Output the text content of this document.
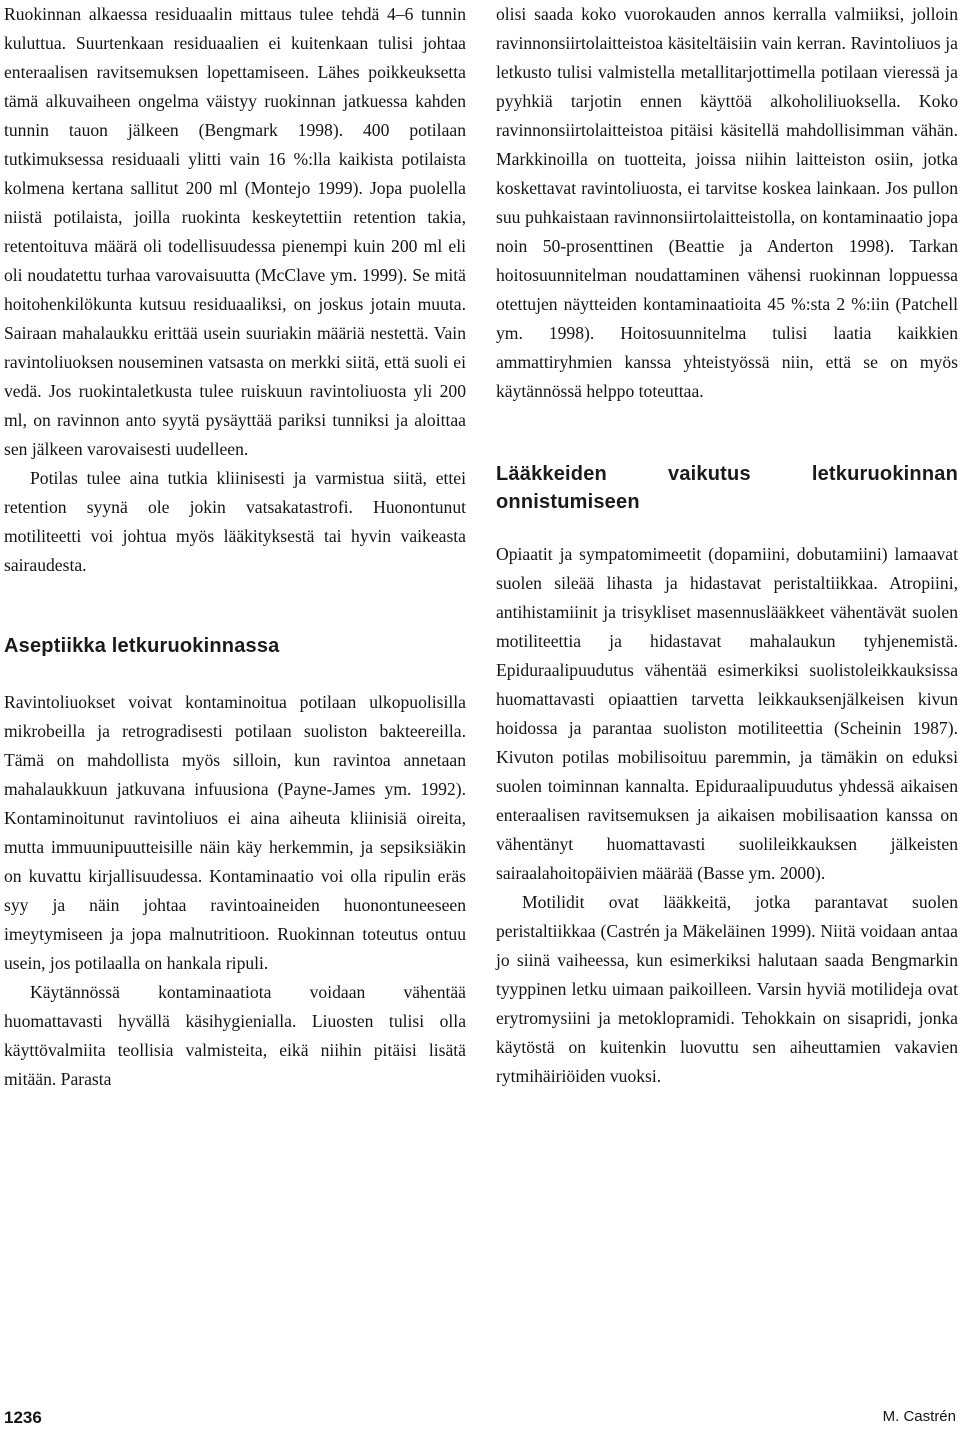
Ruokinnan alkaessa residuaalin mittaus tulee tehdä 4–6 tunnin kuluttua. Suurtenkaan residuaalien ei kuitenkaan tulisi johtaa enteraalisen ravitsemuksen lopettamiseen. Lähes poikkeuksetta tämä alkuvaiheen ongelma väistyy ruokinnan jatkuessa kahden tunnin tauon jälkeen (Bengmark 1998). 400 potilaan tutkimuksessa residuaali ylitti vain 16 %:lla kaikista potilaista kolmena kertana sallitut 200 ml (Montejo 1999). Jopa puolella niistä potilaista, joilla ruokinta keskeytettiin retention takia, retentoituva määrä oli todellisuudessa pienempi kuin 200 ml eli oli noudatettu turhaa varovaisuutta (McClave ym. 1999). Se mitä hoitohenkilökunta kutsuu residuaaliksi, on joskus jotain muuta. Sairaan mahalaukku erittää usein suuriakin määriä nestettä. Vain ravintoliuoksen nouseminen vatsasta on merkki siitä, että suoli ei vedä. Jos ruokintaletkusta tulee ruiskuun ravintoliuosta yli 200 ml, on ravinnon anto syytä pysäyttää pariksi tunniksi ja aloittaa sen jälkeen varovaisesti uudelleen.

Potilas tulee aina tutkia kliinisesti ja varmistua siitä, ettei retention syynä ole jokin vatsakatastrofi. Huonontunut motiliteetti voi johtua myös lääkityksestä tai hyvin vaikeasta sairaudesta.

Aseptiikka letkuruokinnassa

Ravintoliuokset voivat kontaminoitua potilaan ulkopuolisilla mikrobeilla ja retrogradisesti potilaan suoliston bakteereilla. Tämä on mahdollista myös silloin, kun ravintoa annetaan mahalaukkuun jatkuvana infuusiona (Payne-James ym. 1992). Kontaminoitunut ravintoliuos ei aina aiheuta kliinisiä oireita, mutta immuunipuutteisille näin käy herkemmin, ja sepsiksiäkin on kuvattu kirjallisuudessa. Kontaminaatio voi olla ripulin eräs syy ja näin johtaa ravintoaineiden huonontuneeseen imeytymiseen ja jopa malnutritioon. Ruokinnan toteutus ontuu usein, jos potilaalla on hankala ripuli.

Käytännössä kontaminaatiota voidaan vähentää huomattavasti hyvällä käsihygienialla. Liuosten tulisi olla käyttövalmiita teollisia valmisteita, eikä niihin pitäisi lisätä mitään. Parasta

olisi saada koko vuorokauden annos kerralla valmiiksi, jolloin ravinnonsiirtolaitteistoa käsiteltäisiin vain kerran. Ravintoliuos ja letkusto tulisi valmistella metallitarjottimella potilaan vieressä ja pyyhkiä tarjotin ennen käyttöä alkoholiliuoksella. Koko ravinnonsiirtolaitteistoa pitäisi käsitellä mahdollisimman vähän. Markkinoilla on tuotteita, joissa niihin laitteiston osiin, jotka koskettavat ravintoliuosta, ei tarvitse koskea lainkaan. Jos pullon suu puhkaistaan ravinnonsiirtolaitteistolla, on kontaminaatio jopa noin 50-prosenttinen (Beattie ja Anderton 1998). Tarkan hoitosuunnitelman noudattaminen vähensi ruokinnan loppuessa otettujen näytteiden kontaminaatioita 45 %:sta 2 %:iin (Patchell ym. 1998). Hoitosuunnitelma tulisi laatia kaikkien ammattiryhmien kanssa yhteistyössä niin, että se on myös käytännössä helppo toteuttaa.

Lääkkeiden vaikutus letkuruokinnan onnistumiseen

Opiaatit ja sympatomimeetit (dopamiini, dobutamiini) lamaavat suolen sileää lihasta ja hidastavat peristaltiikkaa. Atropiini, antihistamiinit ja trisykliset masennuslääkkeet vähentävät suolen motiliteettia ja hidastavat mahalaukun tyhjenemistä. Epiduraalipuudutus vähentää esimerkiksi suolistoleikkauksissa huomattavasti opiaattien tarvetta leikkauksenjälkeisen kivun hoidossa ja parantaa suoliston motiliteettia (Scheinin 1987). Kivuton potilas mobilisoituu paremmin, ja tämäkin on eduksi suolen toiminnan kannalta. Epiduraalipuudutus yhdessä aikaisen enteraalisen ravitsemuksen ja aikaisen mobilisaation kanssa on vähentänyt huomattavasti suolileikkauksen jälkeisten sairaalahoitopäivien määrää (Basse ym. 2000).

Motilidit ovat lääkkeitä, jotka parantavat suolen peristaltiikkaa (Castrén ja Mäkeläinen 1999). Niitä voidaan antaa jo siinä vaiheessa, kun esimerkiksi halutaan saada Bengmarkin tyyppinen letku uimaan paikoilleen. Varsin hyviä motilideja ovat erytromysiini ja metoklopramidi. Tehokkain on sisapridi, jonka käytöstä on kuitenkin luovuttu sen aiheuttamien vakavien rytmihäiriöiden vuoksi.

1236	M. Castrén
